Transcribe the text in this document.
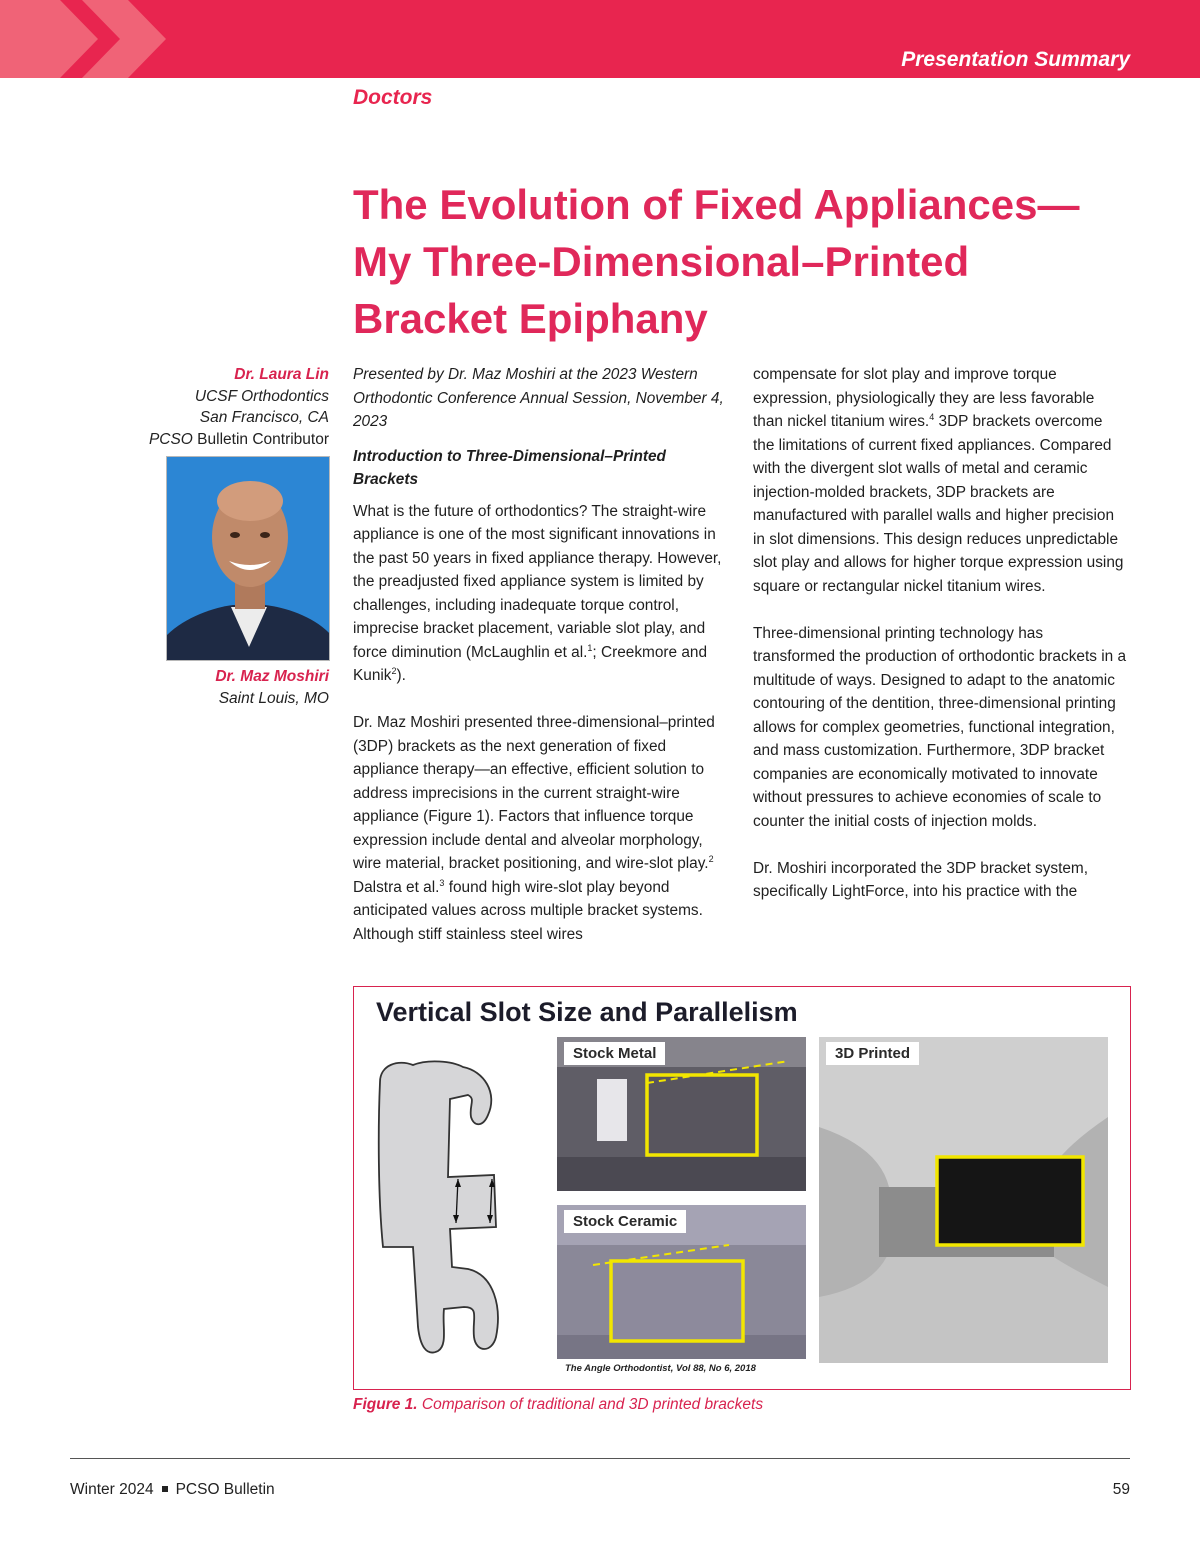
Presentation Summary
Doctors
The Evolution of Fixed Appliances—
My Three-Dimensional–Printed
Bracket Epiphany
Dr. Laura Lin
UCSF Orthodontics
San Francisco, CA
PCSO Bulletin Contributor
Dr. Maz Moshiri
Saint Louis, MO

Presented by Dr. Maz Moshiri at the 2023 Western Orthodontic Conference Annual Session, November 4, 2023

Introduction to Three-Dimensional–Printed Brackets

What is the future of orthodontics? The straight-wire appliance is one of the most significant innovations in the past 50 years in fixed appliance therapy. However, the preadjusted fixed appliance system is limited by challenges, including inadequate torque control, imprecise bracket placement, variable slot play, and force diminution (McLaughlin et al.$^1$; Creekmore and Kunik$^2$).

Dr. Maz Moshiri presented three-dimensional–printed (3DP) brackets as the next generation of fixed appliance therapy—an effective, efficient solution to address imprecisions in the current straight-wire appliance (Figure 1). Factors that influence torque expression include dental and alveolar morphology, wire material, bracket positioning, and wire-slot play.$^2$ Dalstra et al.$^3$ found high wire-slot play beyond anticipated values across multiple bracket systems. Although stiff stainless steel wires

compensate for slot play and improve torque expression, physiologically they are less favorable than nickel titanium wires.$^4$ 3DP brackets overcome the limitations of current fixed appliances. Compared with the divergent slot walls of metal and ceramic injection-molded brackets, 3DP brackets are manufactured with parallel walls and higher precision in slot dimensions. This design reduces unpredictable slot play and allows for higher torque expression using square or rectangular nickel titanium wires.

Three-dimensional printing technology has transformed the production of orthodontic brackets in a multitude of ways. Designed to adapt to the anatomic contouring of the dentition, three-dimensional printing allows for complex geometries, functional integration, and mass customization. Furthermore, 3DP bracket companies are economically motivated to innovate without pressures to achieve economies of scale to counter the initial costs of injection molds.

Dr. Moshiri incorporated the 3DP bracket system, specifically LightForce, into his practice with the

Vertical Slot Size and Parallelism
Stock Metal
Stock Ceramic
3D Printed
The Angle Orthodontist, Vol 88, No 6, 2018
Figure 1. Comparison of traditional and 3D printed brackets
Winter 2024 PCSO Bulletin	59
